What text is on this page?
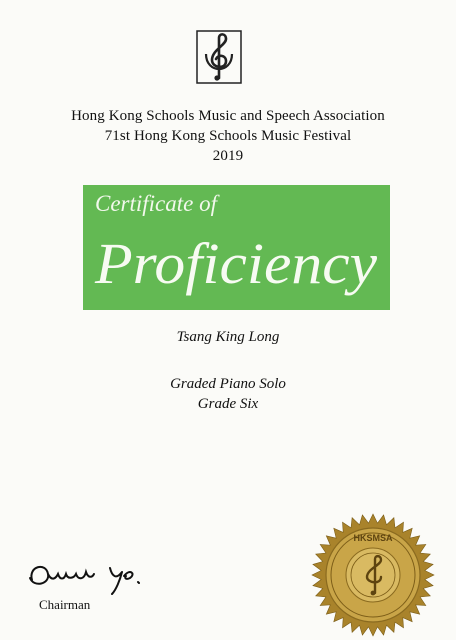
Hong Kong Schools Music and Speech Association
71st Hong Kong Schools Music Festival
2019
Certificate of
Proficiency
Tsang King Long
Graded Piano Solo
Grade Six
Chairman
HKSMSA
